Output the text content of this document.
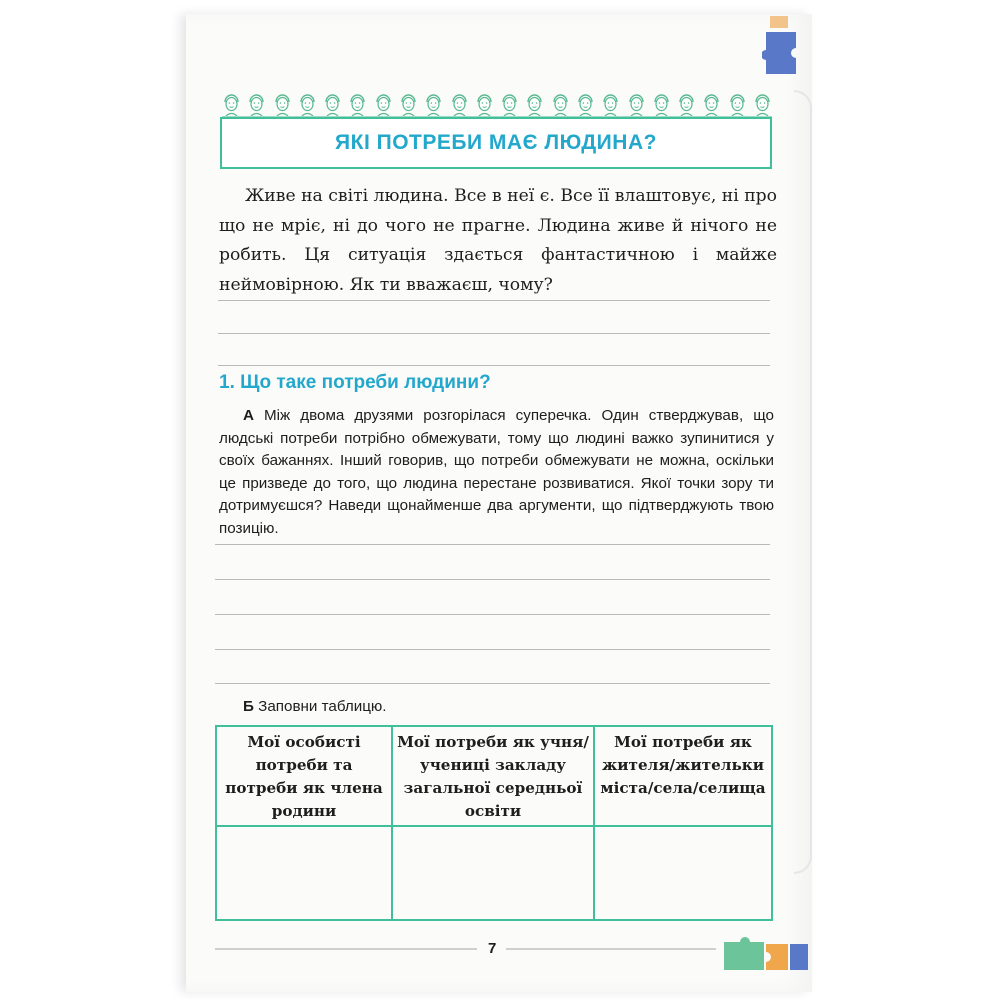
ЯКІ ПОТРЕБИ МАЄ ЛЮДИНА?

Живе на світі людина. Все в неї є. Все її влаштовує, ні про що не мріє, ні до чого не прагне. Людина живе й нічого не робить. Ця ситуація здається фантастичною і майже неймовірною. Як ти вважаєш, чому?

1. Що таке потреби людини?

А Між двома друзями розгорілася суперечка. Один стверджував, що людські потреби потрібно обмежувати, тому що людині важко зупинитися у своїх бажаннях. Інший говорив, що потреби обмежувати не можна, оскільки це призведе до того, що людина перестане розвиватися. Якої точки зору ти дотримуєшся? Наведи щонайменше два аргументи, що підтверджують твою позицію.

Б Заповни таблицю.

Мої особисті потреби та потреби як члена родини	Мої потреби як учня/учениці закладу загальної середньої освіти	Мої потреби як жителя/жительки міста/села/селища

7
